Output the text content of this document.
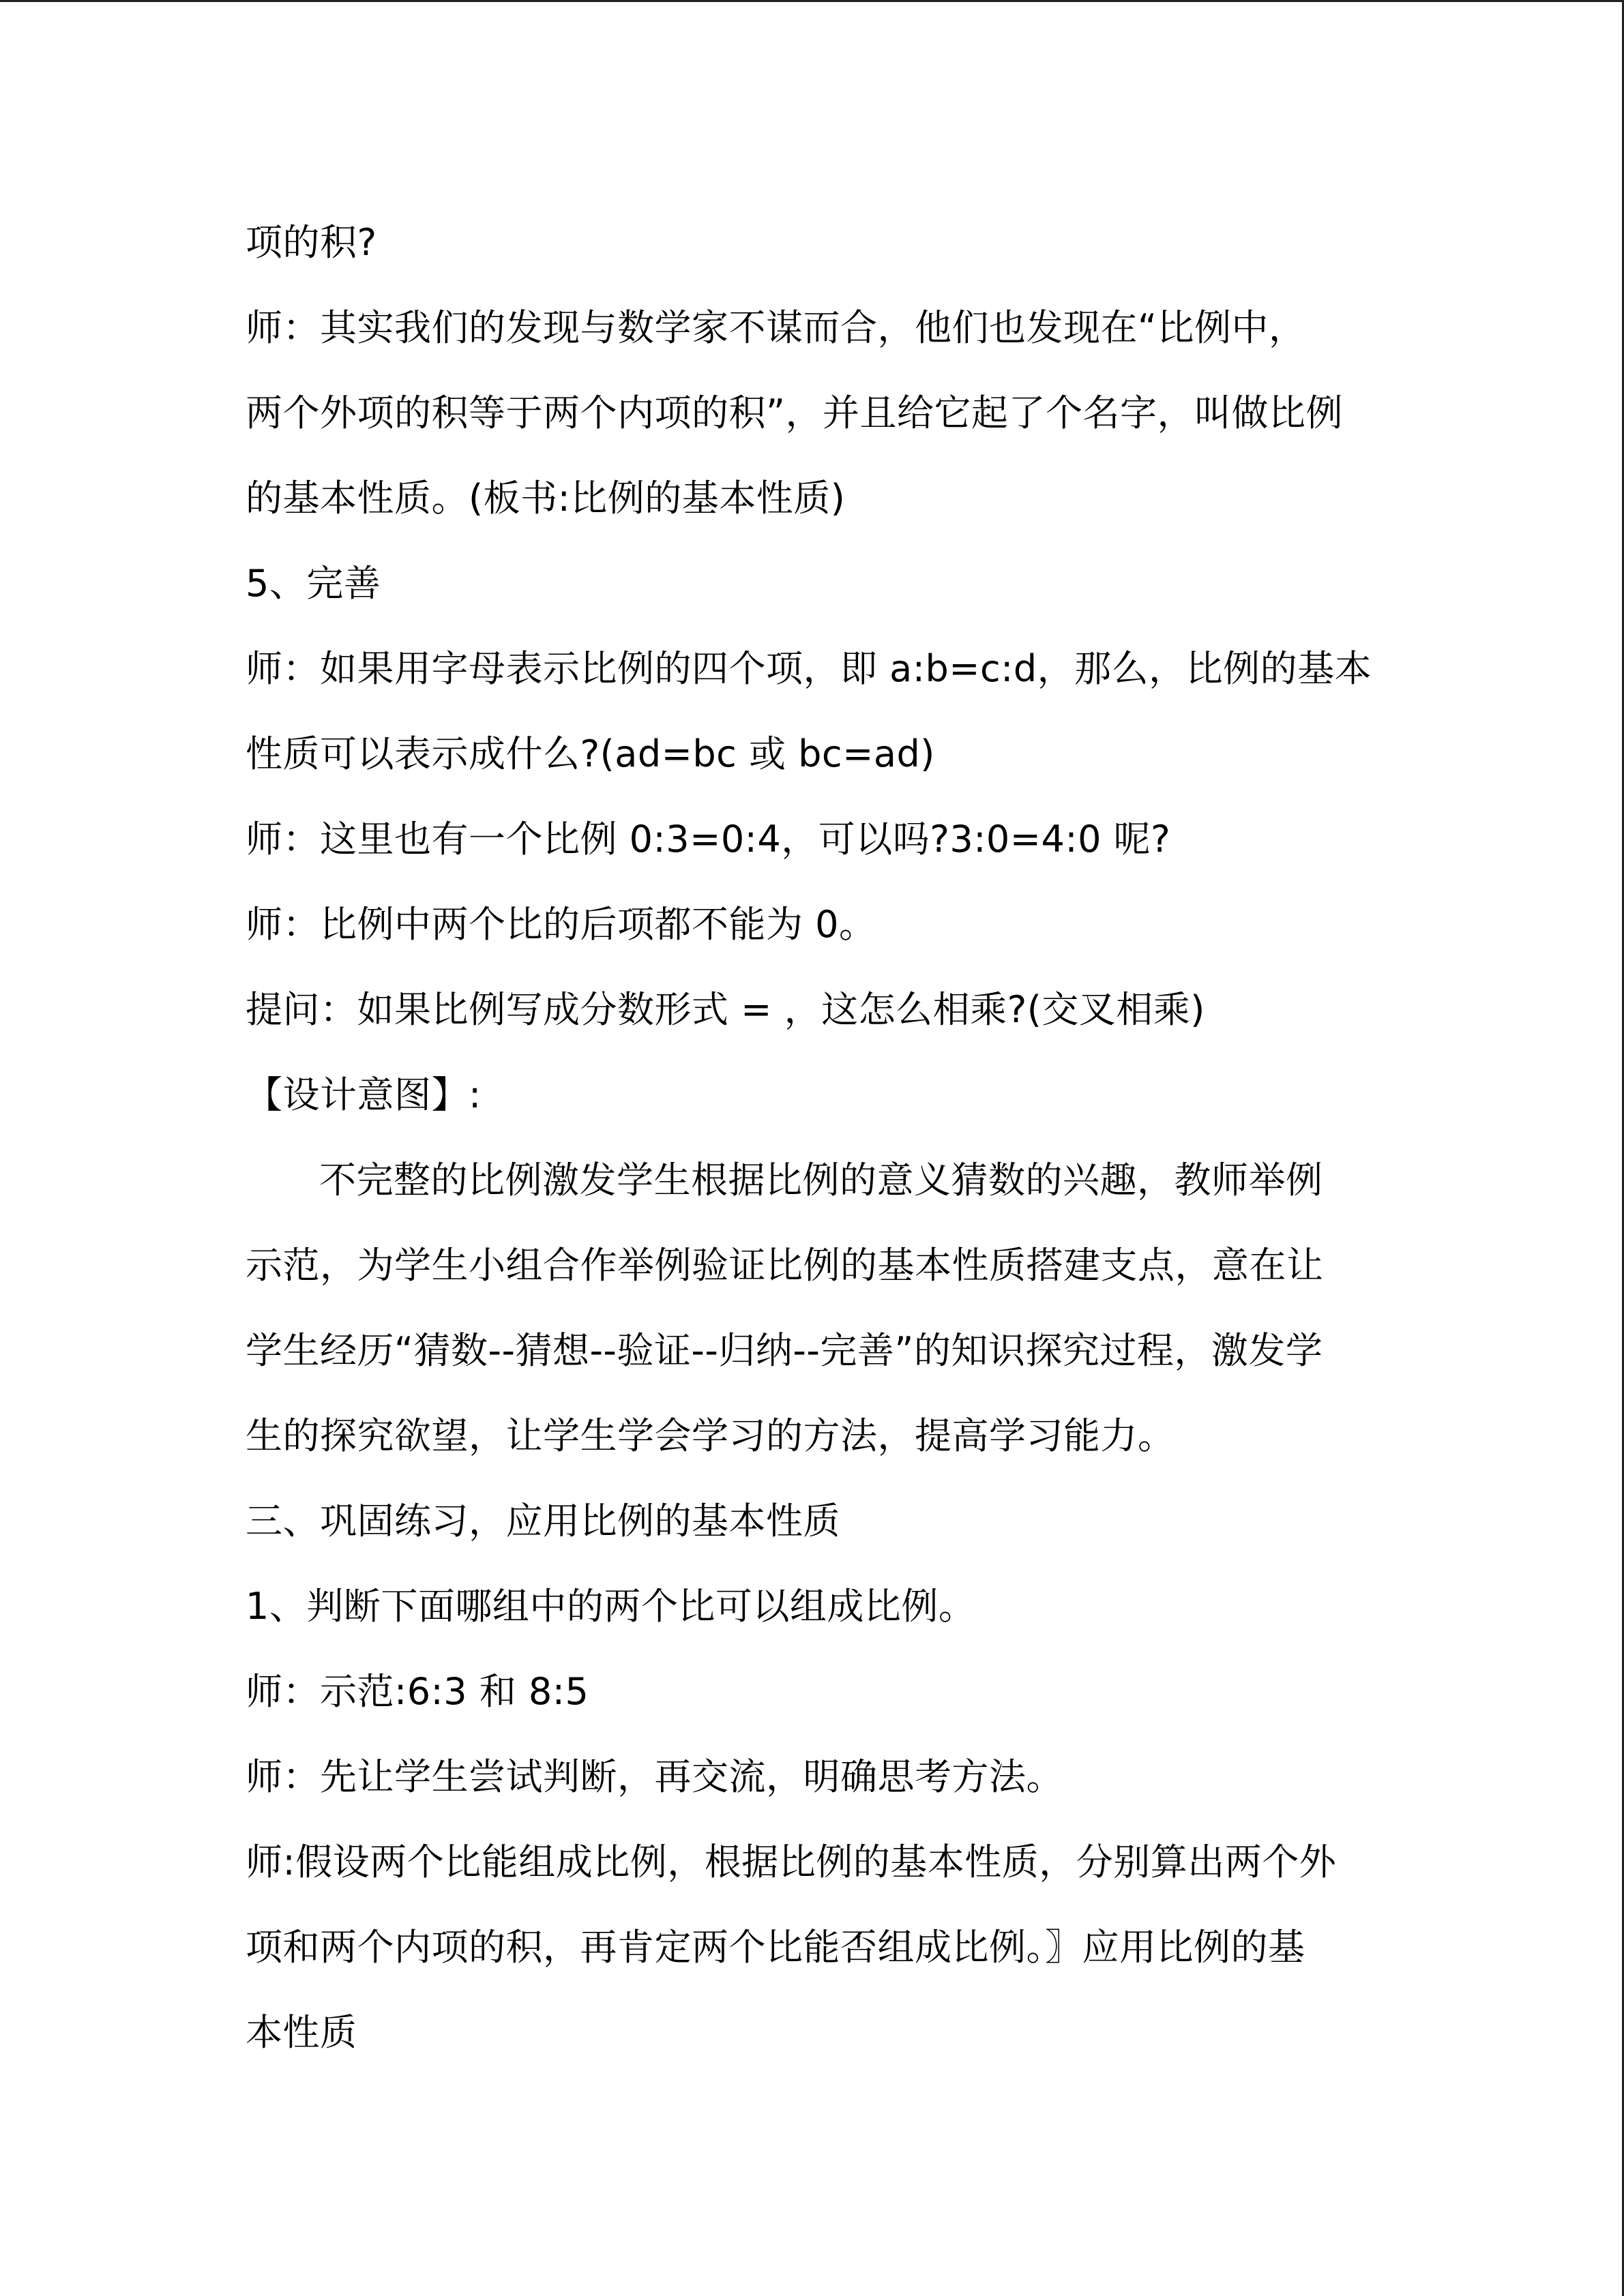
项的积?
师：其实我们的发现与数学家不谋而合，他们也发现在“比例中，
两个外项的积等于两个内项的积”，并且给它起了个名字，叫做比例
的基本性质。(板书:比例的基本性质)
5、完善
师：如果用字母表示比例的四个项，即 a:b=c:d，那么，比例的基本
性质可以表示成什么?(ad=bc 或 bc=ad)
师：这里也有一个比例 0:3=0:4，可以吗?3:0=4:0 呢?
师：比例中两个比的后项都不能为 0。
提问：如果比例写成分数形式 = ，这怎么相乘?(交叉相乘)
【设计意图】:
不完整的比例激发学生根据比例的意义猜数的兴趣，教师举例
示范，为学生小组合作举例验证比例的基本性质搭建支点，意在让
学生经历“猜数--猜想--验证--归纳--完善”的知识探究过程，激发学
生的探究欲望，让学生学会学习的方法，提高学习能力。
三、巩固练习，应用比例的基本性质
1、判断下面哪组中的两个比可以组成比例。
师：示范:6:3 和 8:5
师：先让学生尝试判断，再交流，明确思考方法。
师:假设两个比能组成比例，根据比例的基本性质，分别算出两个外
项和两个内项的积，再肯定两个比能否组成比例。〗应用比例的基
本性质
